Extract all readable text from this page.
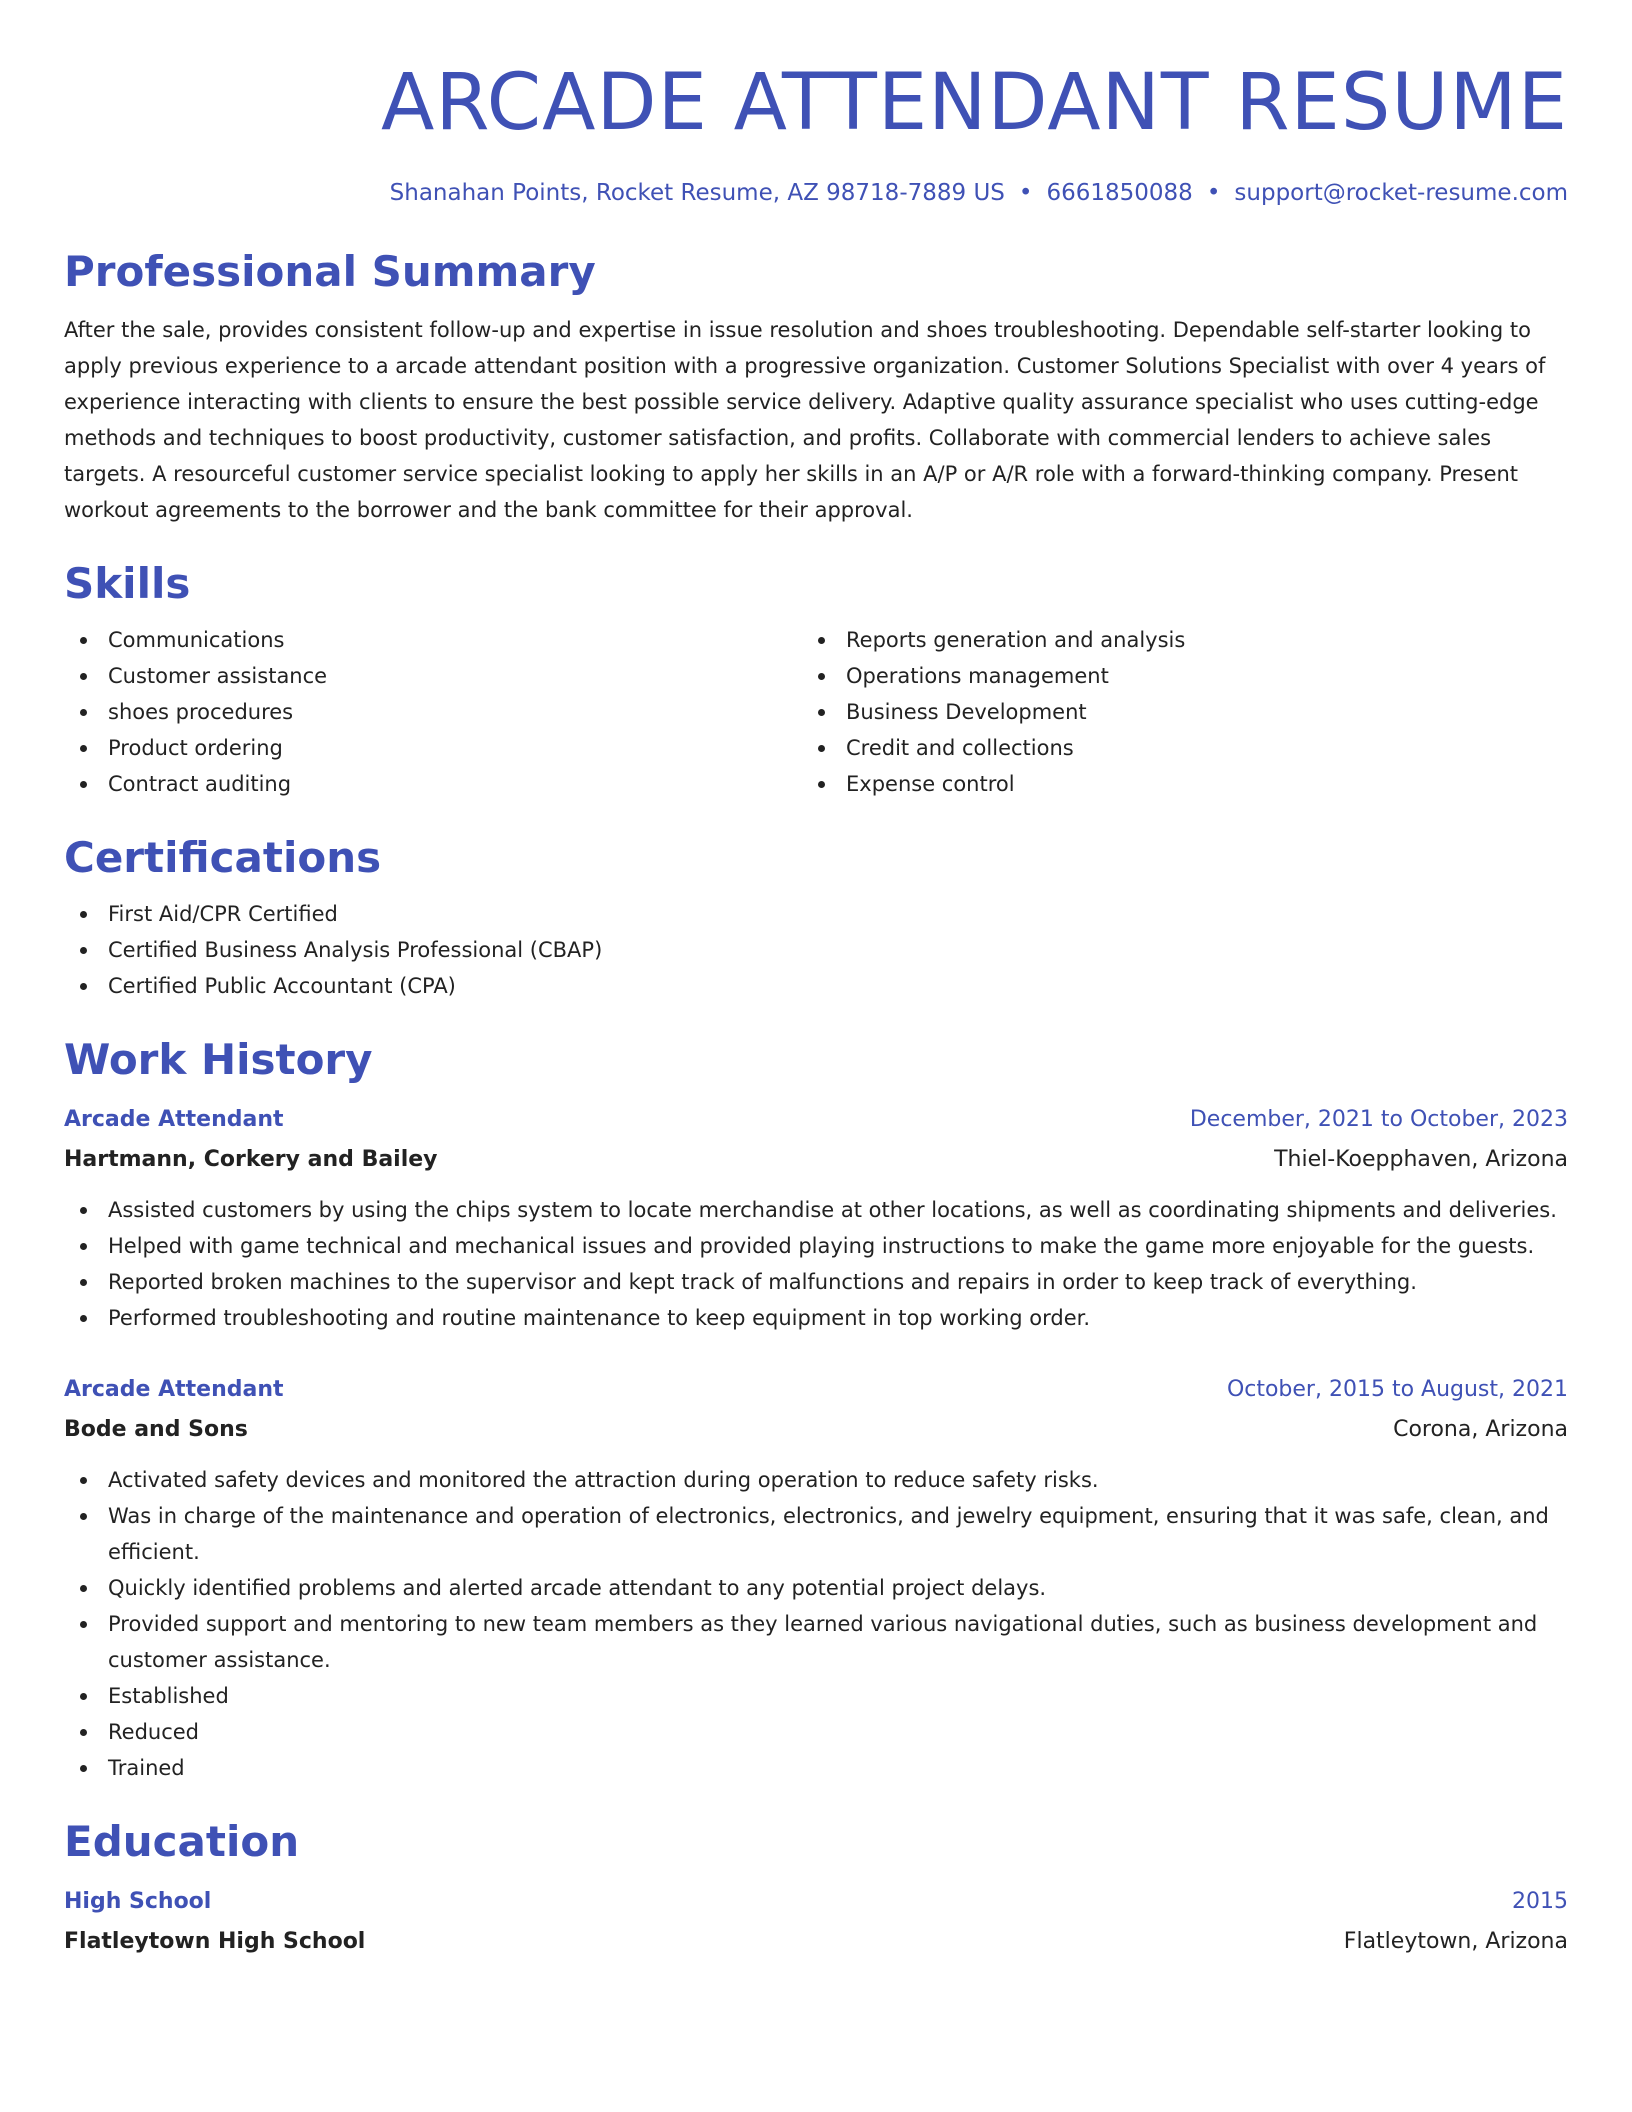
ARCADE ATTENDANT RESUME
Shanahan Points, Rocket Resume, AZ 98718-7889 US • 6661850088 • support@rocket-resume.com
Professional Summary

After the sale, provides consistent follow-up and expertise in issue resolution and shoes troubleshooting. Dependable self-starter looking to apply previous experience to a arcade attendant position with a progressive organization. Customer Solutions Specialist with over 4 years of experience interacting with clients to ensure the best possible service delivery. Adaptive quality assurance specialist who uses cutting-edge methods and techniques to boost productivity, customer satisfaction, and profits. Collaborate with commercial lenders to achieve sales targets. A resourceful customer service specialist looking to apply her skills in an A/P or A/R role with a forward-thinking company. Present workout agreements to the borrower and the bank committee for their approval.

Skills
Communications
Customer assistance
shoes procedures
Product ordering
Contract auditing
Reports generation and analysis
Operations management
Business Development
Credit and collections
Expense control
Certifications
First Aid/CPR Certified
Certified Business Analysis Professional (CBAP)
Certified Public Accountant (CPA)
Work History
Arcade Attendant	December, 2021 to October, 2023
Hartmann, Corkery and Bailey	Thiel-Koepphaven, Arizona
Assisted customers by using the chips system to locate merchandise at other locations, as well as coordinating shipments and deliveries.
Helped with game technical and mechanical issues and provided playing instructions to make the game more enjoyable for the guests.
Reported broken machines to the supervisor and kept track of malfunctions and repairs in order to keep track of everything.
Performed troubleshooting and routine maintenance to keep equipment in top working order.
Arcade Attendant	October, 2015 to August, 2021
Bode and Sons	Corona, Arizona
Activated safety devices and monitored the attraction during operation to reduce safety risks.
Was in charge of the maintenance and operation of electronics, electronics, and jewelry equipment, ensuring that it was safe, clean, and efficient.
Quickly identified problems and alerted arcade attendant to any potential project delays.
Provided support and mentoring to new team members as they learned various navigational duties, such as business development and customer assistance.
Established
Reduced
Trained
Education
High School	2015
Flatleytown High School	Flatleytown, Arizona
